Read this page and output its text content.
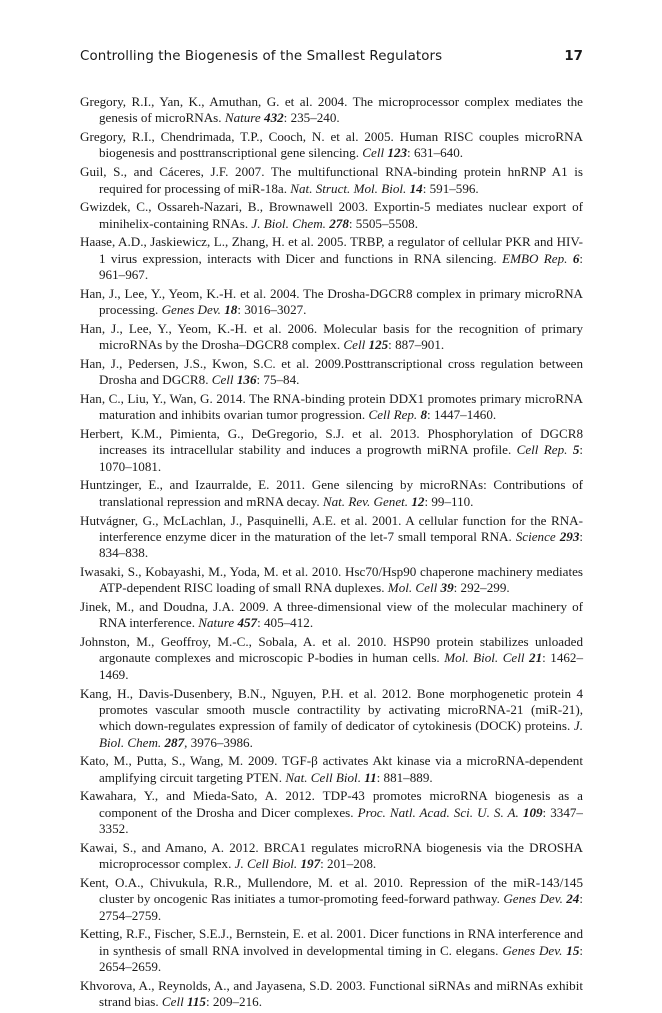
Controlling the Biogenesis of the Smallest Regulators	17
Gregory, R.I., Yan, K., Amuthan, G. et al. 2004. The microprocessor complex mediates the genesis of microRNAs. Nature 432: 235–240.
Gregory, R.I., Chendrimada, T.P., Cooch, N. et al. 2005. Human RISC couples microRNA biogenesis and posttranscriptional gene silencing. Cell 123: 631–640.
Guil, S., and Cáceres, J.F. 2007. The multifunctional RNA-binding protein hnRNP A1 is required for processing of miR-18a. Nat. Struct. Mol. Biol. 14: 591–596.
Gwizdek, C., Ossareh-Nazari, B., Brownawell 2003. Exportin-5 mediates nuclear export of minihelix-containing RNAs. J. Biol. Chem. 278: 5505–5508.
Haase, A.D., Jaskiewicz, L., Zhang, H. et al. 2005. TRBP, a regulator of cellular PKR and HIV-1 virus expression, interacts with Dicer and functions in RNA silencing. EMBO Rep. 6: 961–967.
Han, J., Lee, Y., Yeom, K.-H. et al. 2004. The Drosha-DGCR8 complex in primary microRNA processing. Genes Dev. 18: 3016–3027.
Han, J., Lee, Y., Yeom, K.-H. et al. 2006. Molecular basis for the recognition of primary microRNAs by the Drosha–DGCR8 complex. Cell 125: 887–901.
Han, J., Pedersen, J.S., Kwon, S.C. et al. 2009.Posttranscriptional cross regulation between Drosha and DGCR8. Cell 136: 75–84.
Han, C., Liu, Y., Wan, G. 2014. The RNA-binding protein DDX1 promotes primary microRNA maturation and inhibits ovarian tumor progression. Cell Rep. 8: 1447–1460.
Herbert, K.M., Pimienta, G., DeGregorio, S.J. et al. 2013. Phosphorylation of DGCR8 increases its intracellular stability and induces a progrowth miRNA profile. Cell Rep. 5: 1070–1081.
Huntzinger, E., and Izaurralde, E. 2011. Gene silencing by microRNAs: Contributions of translational repression and mRNA decay. Nat. Rev. Genet. 12: 99–110.
Hutvágner, G., McLachlan, J., Pasquinelli, A.E. et al. 2001. A cellular function for the RNA-interference enzyme dicer in the maturation of the let-7 small temporal RNA. Science 293: 834–838.
Iwasaki, S., Kobayashi, M., Yoda, M. et al. 2010. Hsc70/Hsp90 chaperone machinery mediates ATP-dependent RISC loading of small RNA duplexes. Mol. Cell 39: 292–299.
Jinek, M., and Doudna, J.A. 2009. A three-dimensional view of the molecular machinery of RNA interference. Nature 457: 405–412.
Johnston, M., Geoffroy, M.-C., Sobala, A. et al. 2010. HSP90 protein stabilizes unloaded argonaute complexes and microscopic P-bodies in human cells. Mol. Biol. Cell 21: 1462–1469.
Kang, H., Davis-Dusenbery, B.N., Nguyen, P.H. et al. 2012. Bone morphogenetic protein 4 promotes vascular smooth muscle contractility by activating microRNA-21 (miR-21), which down-regulates expression of family of dedicator of cytokinesis (DOCK) proteins. J. Biol. Chem. 287, 3976–3986.
Kato, M., Putta, S., Wang, M. 2009. TGF-β activates Akt kinase via a microRNA-dependent amplifying circuit targeting PTEN. Nat. Cell Biol. 11: 881–889.
Kawahara, Y., and Mieda-Sato, A. 2012. TDP-43 promotes microRNA biogenesis as a component of the Drosha and Dicer complexes. Proc. Natl. Acad. Sci. U. S. A. 109: 3347–3352.
Kawai, S., and Amano, A. 2012. BRCA1 regulates microRNA biogenesis via the DROSHA microprocessor complex. J. Cell Biol. 197: 201–208.
Kent, O.A., Chivukula, R.R., Mullendore, M. et al. 2010. Repression of the miR-143/145 cluster by oncogenic Ras initiates a tumor-promoting feed-forward pathway. Genes Dev. 24: 2754–2759.
Ketting, R.F., Fischer, S.E.J., Bernstein, E. et al. 2001. Dicer functions in RNA interference and in synthesis of small RNA involved in developmental timing in C. elegans. Genes Dev. 15: 2654–2659.
Khvorova, A., Reynolds, A., and Jayasena, S.D. 2003. Functional siRNAs and miRNAs exhibit strand bias. Cell 115: 209–216.
